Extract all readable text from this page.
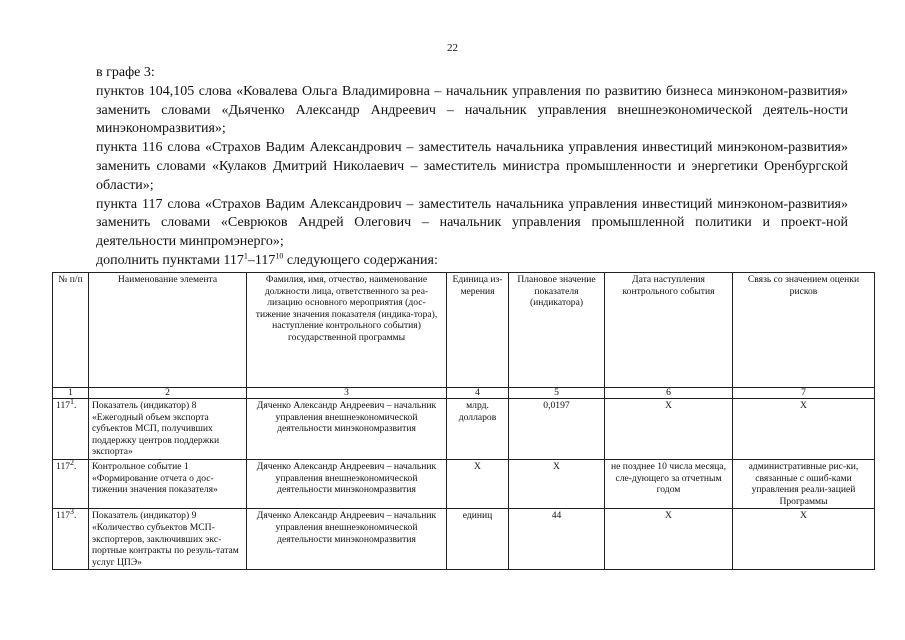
22

в графе 3:

пунктов 104,105 слова «Ковалева Ольга Владимировна – начальник управления по развитию бизнеса минэконом-развития» заменить словами «Дьяченко Александр Андреевич – начальник управления внешнеэкономической деятель-ности минэкономразвития»;

пункта 116 слова «Страхов Вадим Александрович – заместитель начальника управления инвестиций минэконом-развития» заменить словами «Кулаков Дмитрий Николаевич – заместитель министра промышленности и энергетики Оренбургской области»;

пункта 117 слова «Страхов Вадим Александрович – заместитель начальника управления инвестиций минэконом-развития» заменить словами «Севрюков Андрей Олегович – начальник управления промышленной политики и проект-ной деятельности минпромэнерго»;

дополнить пунктами $117^1-117^{10}$ следующего содержания:

№ п/п	Наименование элемента	Фамилия, имя, отчество, наименование должности лица, ответственного за реа-лизацию основного мероприятия (дос-тижение значения показателя (индика-тора), наступление контрольного события) государственной программы	Единица из-мерения	Плановое значение показателя (индикатора)	Дата наступления контрольного события	Связь со значением оценки рисков
1	2	3	4	5	6	7
$117^1$.	Показатель (индикатор) 8 «Ежегодный объем экспорта субъектов МСП, получивших поддержку центров поддержки экспорта»	Дяченко Александр Андреевич – начальник управления внешнеэкономической деятельности минэкономразвития	млрд. долларов	0,0197	Х	Х
$117^2$.	Контрольное событие 1 «Формирование отчета о дос-тижении значения показателя»	Дяченко Александр Андреевич – начальник управления внешнеэкономической деятельности минэкономразвития	Х	Х	не позднее 10 числа месяца, сле-дующего за отчетным годом	административные рис-ки, связанные с ошиб-ками управления реали-зацией Программы
$117^3$.	Показатель (индикатор) 9 «Количество субъектов МСП-экспортеров, заключивших экс-портные контракты по резуль-татам услуг ЦПЭ»	Дяченко Александр Андреевич – начальник управления внешнеэкономической деятельности минэкономразвития	единиц	44	Х	Х
